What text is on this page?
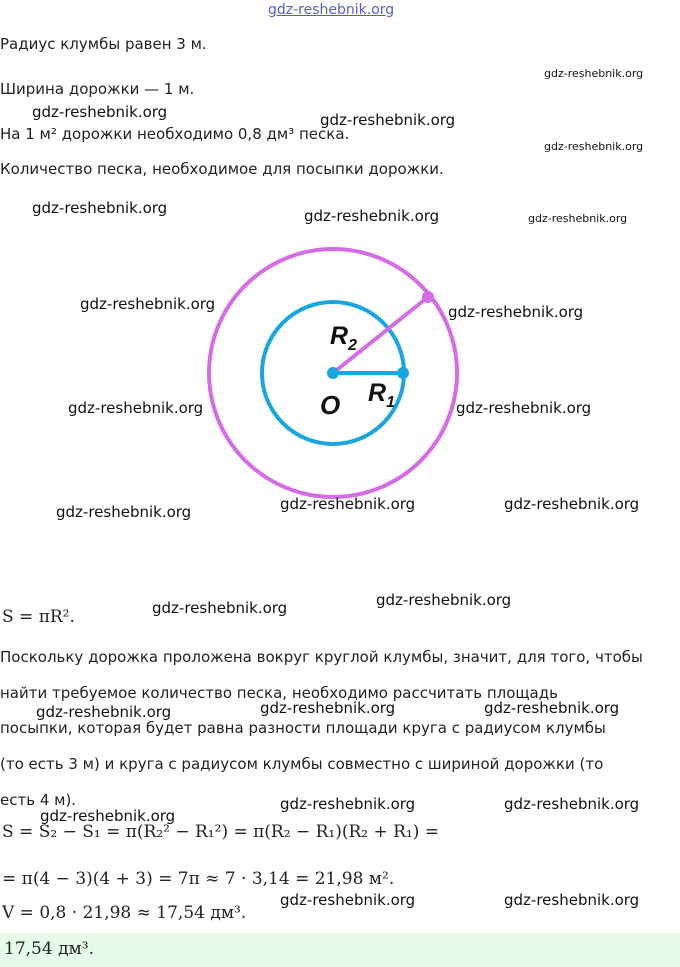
gdz-reshebnik.org
Радиус клумбы равен 3 м.
Ширина дорожки — 1 м.
На 1 м² дорожки необходимо 0,8 дм³ песка.
Количество песка, необходимое для посыпки дорожки.
$R_2$
$R_1$
O
S = πR².
Поскольку дорожка проложена вокруг круглой клумбы, значит, для того, чтобы
найти требуемое количество песка, необходимо рассчитать площадь
посыпки, которая будет равна разности площади круга с радиусом клумбы
(то есть 3 м) и круга с радиусом клумбы совместно с шириной дорожки (то
есть 4 м).
S = S₂ − S₁ = π(R₂² − R₁²) = π(R₂ − R₁)(R₂ + R₁) =
= π(4 − 3)(4 + 3) = 7π ≈ 7 · 3,14 = 21,98 м².
V = 0,8 · 21,98 ≈ 17,54 дм³.
17,54 дм³.
gdz-reshebnik.org
gdz-reshebnik.org	gdz-reshebnik.org
gdz-reshebnik.org
gdz-reshebnik.org	gdz-reshebnik.org	gdz-reshebnik.org
gdz-reshebnik.org	gdz-reshebnik.org
gdz-reshebnik.org	gdz-reshebnik.org
gdz-reshebnik.org	gdz-reshebnik.org
gdz-reshebnik.org
gdz-reshebnik.org
gdz-reshebnik.org
gdz-reshebnik.org	gdz-reshebnik.org	gdz-reshebnik.org
gdz-reshebnik.org
gdz-reshebnik.org	gdz-reshebnik.org
gdz-reshebnik.org	gdz-reshebnik.org
